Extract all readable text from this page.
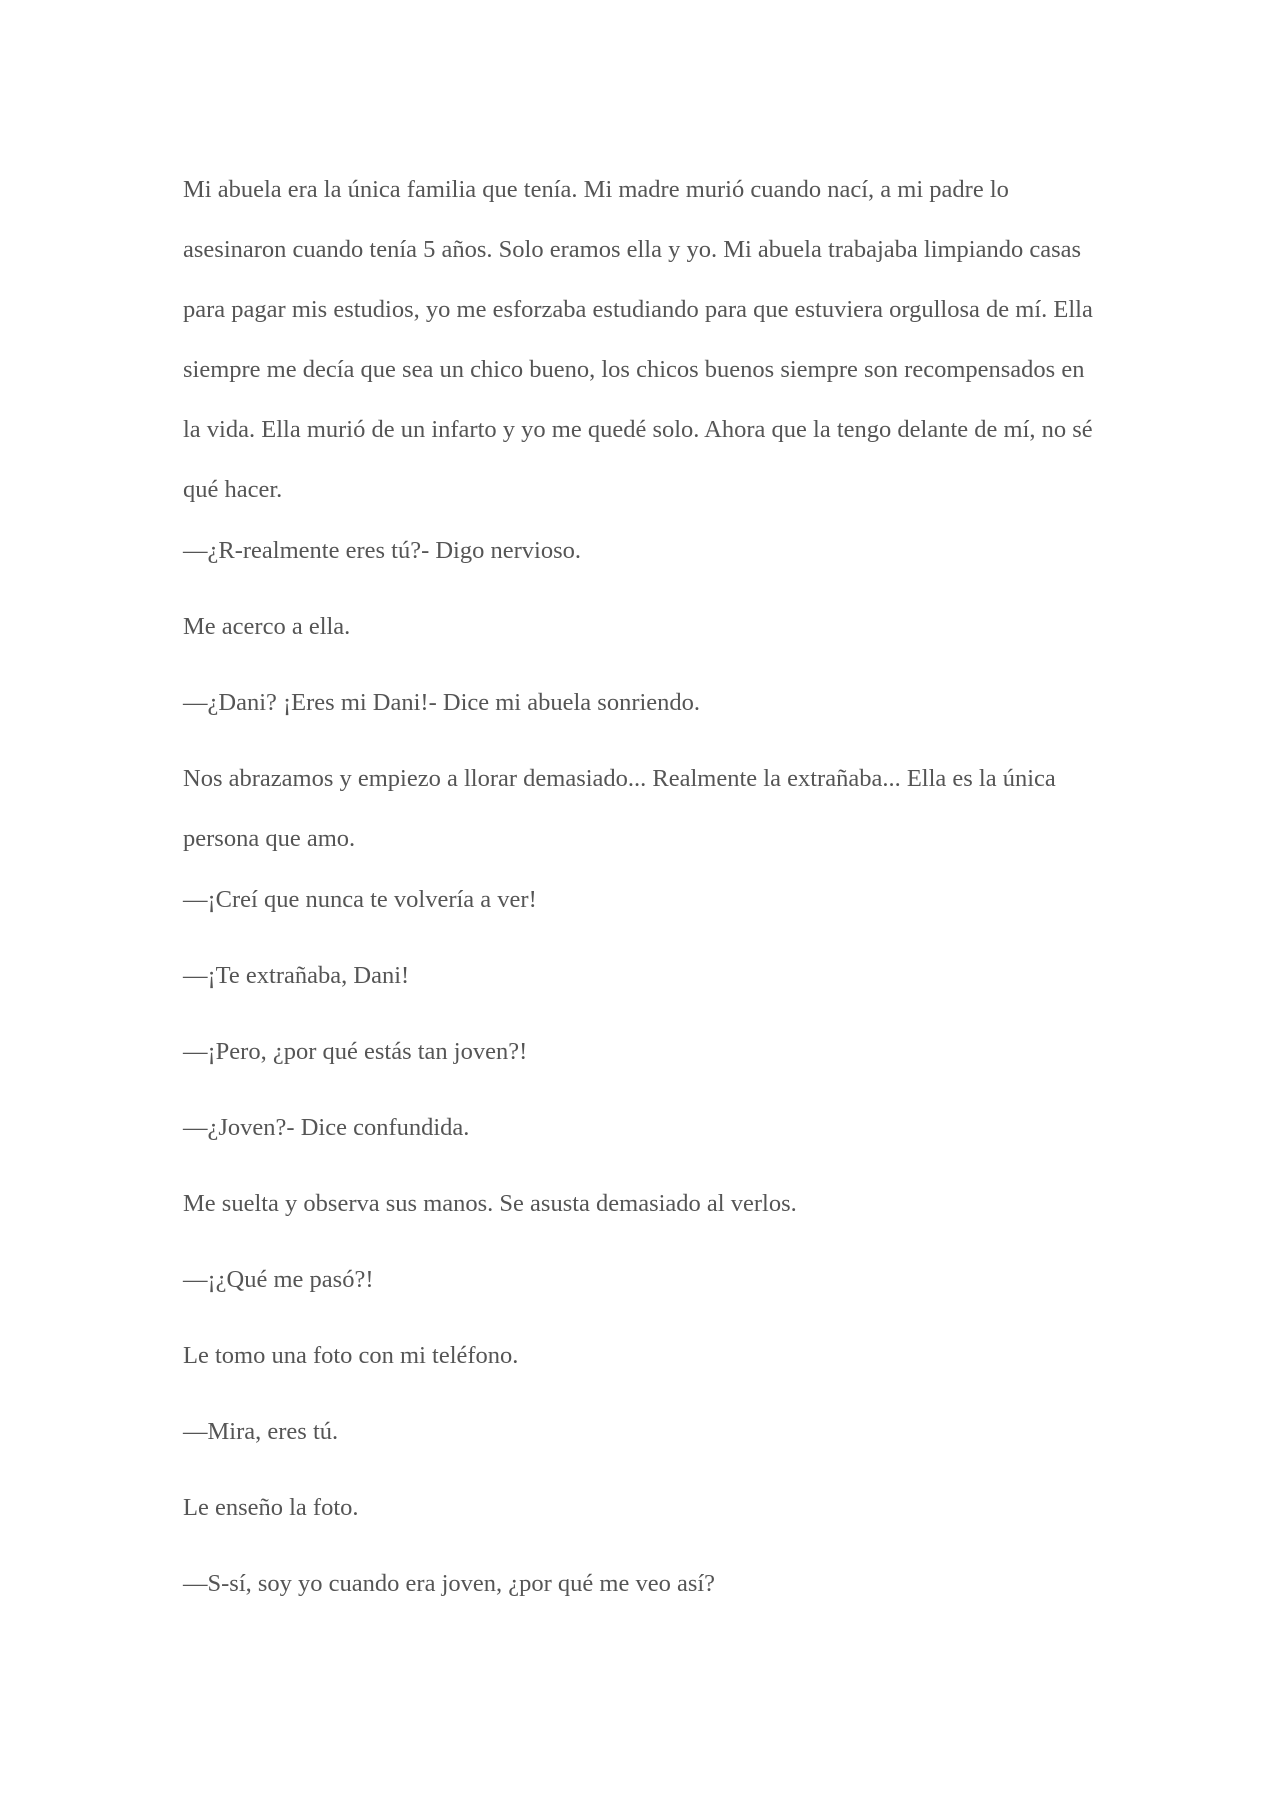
Mi abuela era la única familia que tenía. Mi madre murió cuando nací, a mi padre lo asesinaron cuando tenía 5 años. Solo eramos ella y yo. Mi abuela trabajaba limpiando casas para pagar mis estudios, yo me esforzaba estudiando para que estuviera orgullosa de mí. Ella siempre me decía que sea un chico bueno, los chicos buenos siempre son recompensados en la vida. Ella murió de un infarto y yo me quedé solo. Ahora que la tengo delante de mí, no sé qué hacer.

—¿R-realmente eres tú?- Digo nervioso.

Me acerco a ella.

—¿Dani? ¡Eres mi Dani!- Dice mi abuela sonriendo.

Nos abrazamos y empiezo a llorar demasiado... Realmente la extrañaba... Ella es la única persona que amo.

—¡Creí que nunca te volvería a ver!

—¡Te extrañaba, Dani!

—¡Pero, ¿por qué estás tan joven?!

—¿Joven?- Dice confundida.

Me suelta y observa sus manos. Se asusta demasiado al verlos.

—¡¿Qué me pasó?!

Le tomo una foto con mi teléfono.

—Mira, eres tú.

Le enseño la foto.

—S-sí, soy yo cuando era joven, ¿por qué me veo así?
